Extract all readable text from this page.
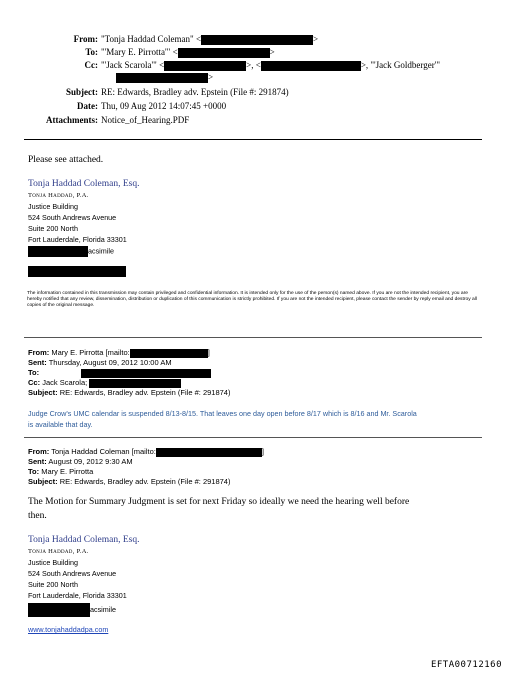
From: "Tonja Haddad Coleman" <	>
To: "'Mary E. Pirrotta'" <	>
Cc: "'Jack Scarola'" <	>, <	>, "'Jack Goldberger'"
>
Subject: RE: Edwards, Bradley adv. Epstein (File #: 291874)
Date: Thu, 09 Aug 2012 14:07:45 +0000
Attachments: Notice_of_Hearing.PDF
Please see attached.
Tonja Haddad Coleman, Esq.
Tonja Haddad, P.A.
Justice Building
524 South Andrews Avenue
Suite 200 North
Fort Lauderdale, Florida 33301
acsimile
The information contained in this transmission may contain privileged and confidential information. It is intended only for the use of the person(s) named above. If you are not the intended recipient, you are hereby notified that any review, dissemination, distribution or duplication of this communication is strictly prohibited. If you are not the intended recipient, please contact the sender by reply email and destroy all copies of the original message.
From: Mary E. Pirrotta [mailto:	]
Sent: Thursday, August 09, 2012 10:00 AM
To:
Cc: Jack Scarola;
Subject: RE: Edwards, Bradley adv. Epstein (File #: 291874)
Judge Crow's UMC calendar is suspended 8/13-8/15. That leaves one day open before 8/17 which is 8/16 and Mr. Scarola
is available that day.
From: Tonja Haddad Coleman [mailto:	]
Sent: August 09, 2012 9:30 AM
To: Mary E. Pirrotta
Subject: RE: Edwards, Bradley adv. Epstein (File #: 291874)
The Motion for Summary Judgment is set for next Friday so ideally we need the hearing well before
then.
Tonja Haddad Coleman, Esq.
Tonja Haddad, P.A.
Justice Building
524 South Andrews Avenue
Suite 200 North
Fort Lauderdale, Florida 33301
acsimile
www.tonjahaddadpa.com
EFTA00712160
